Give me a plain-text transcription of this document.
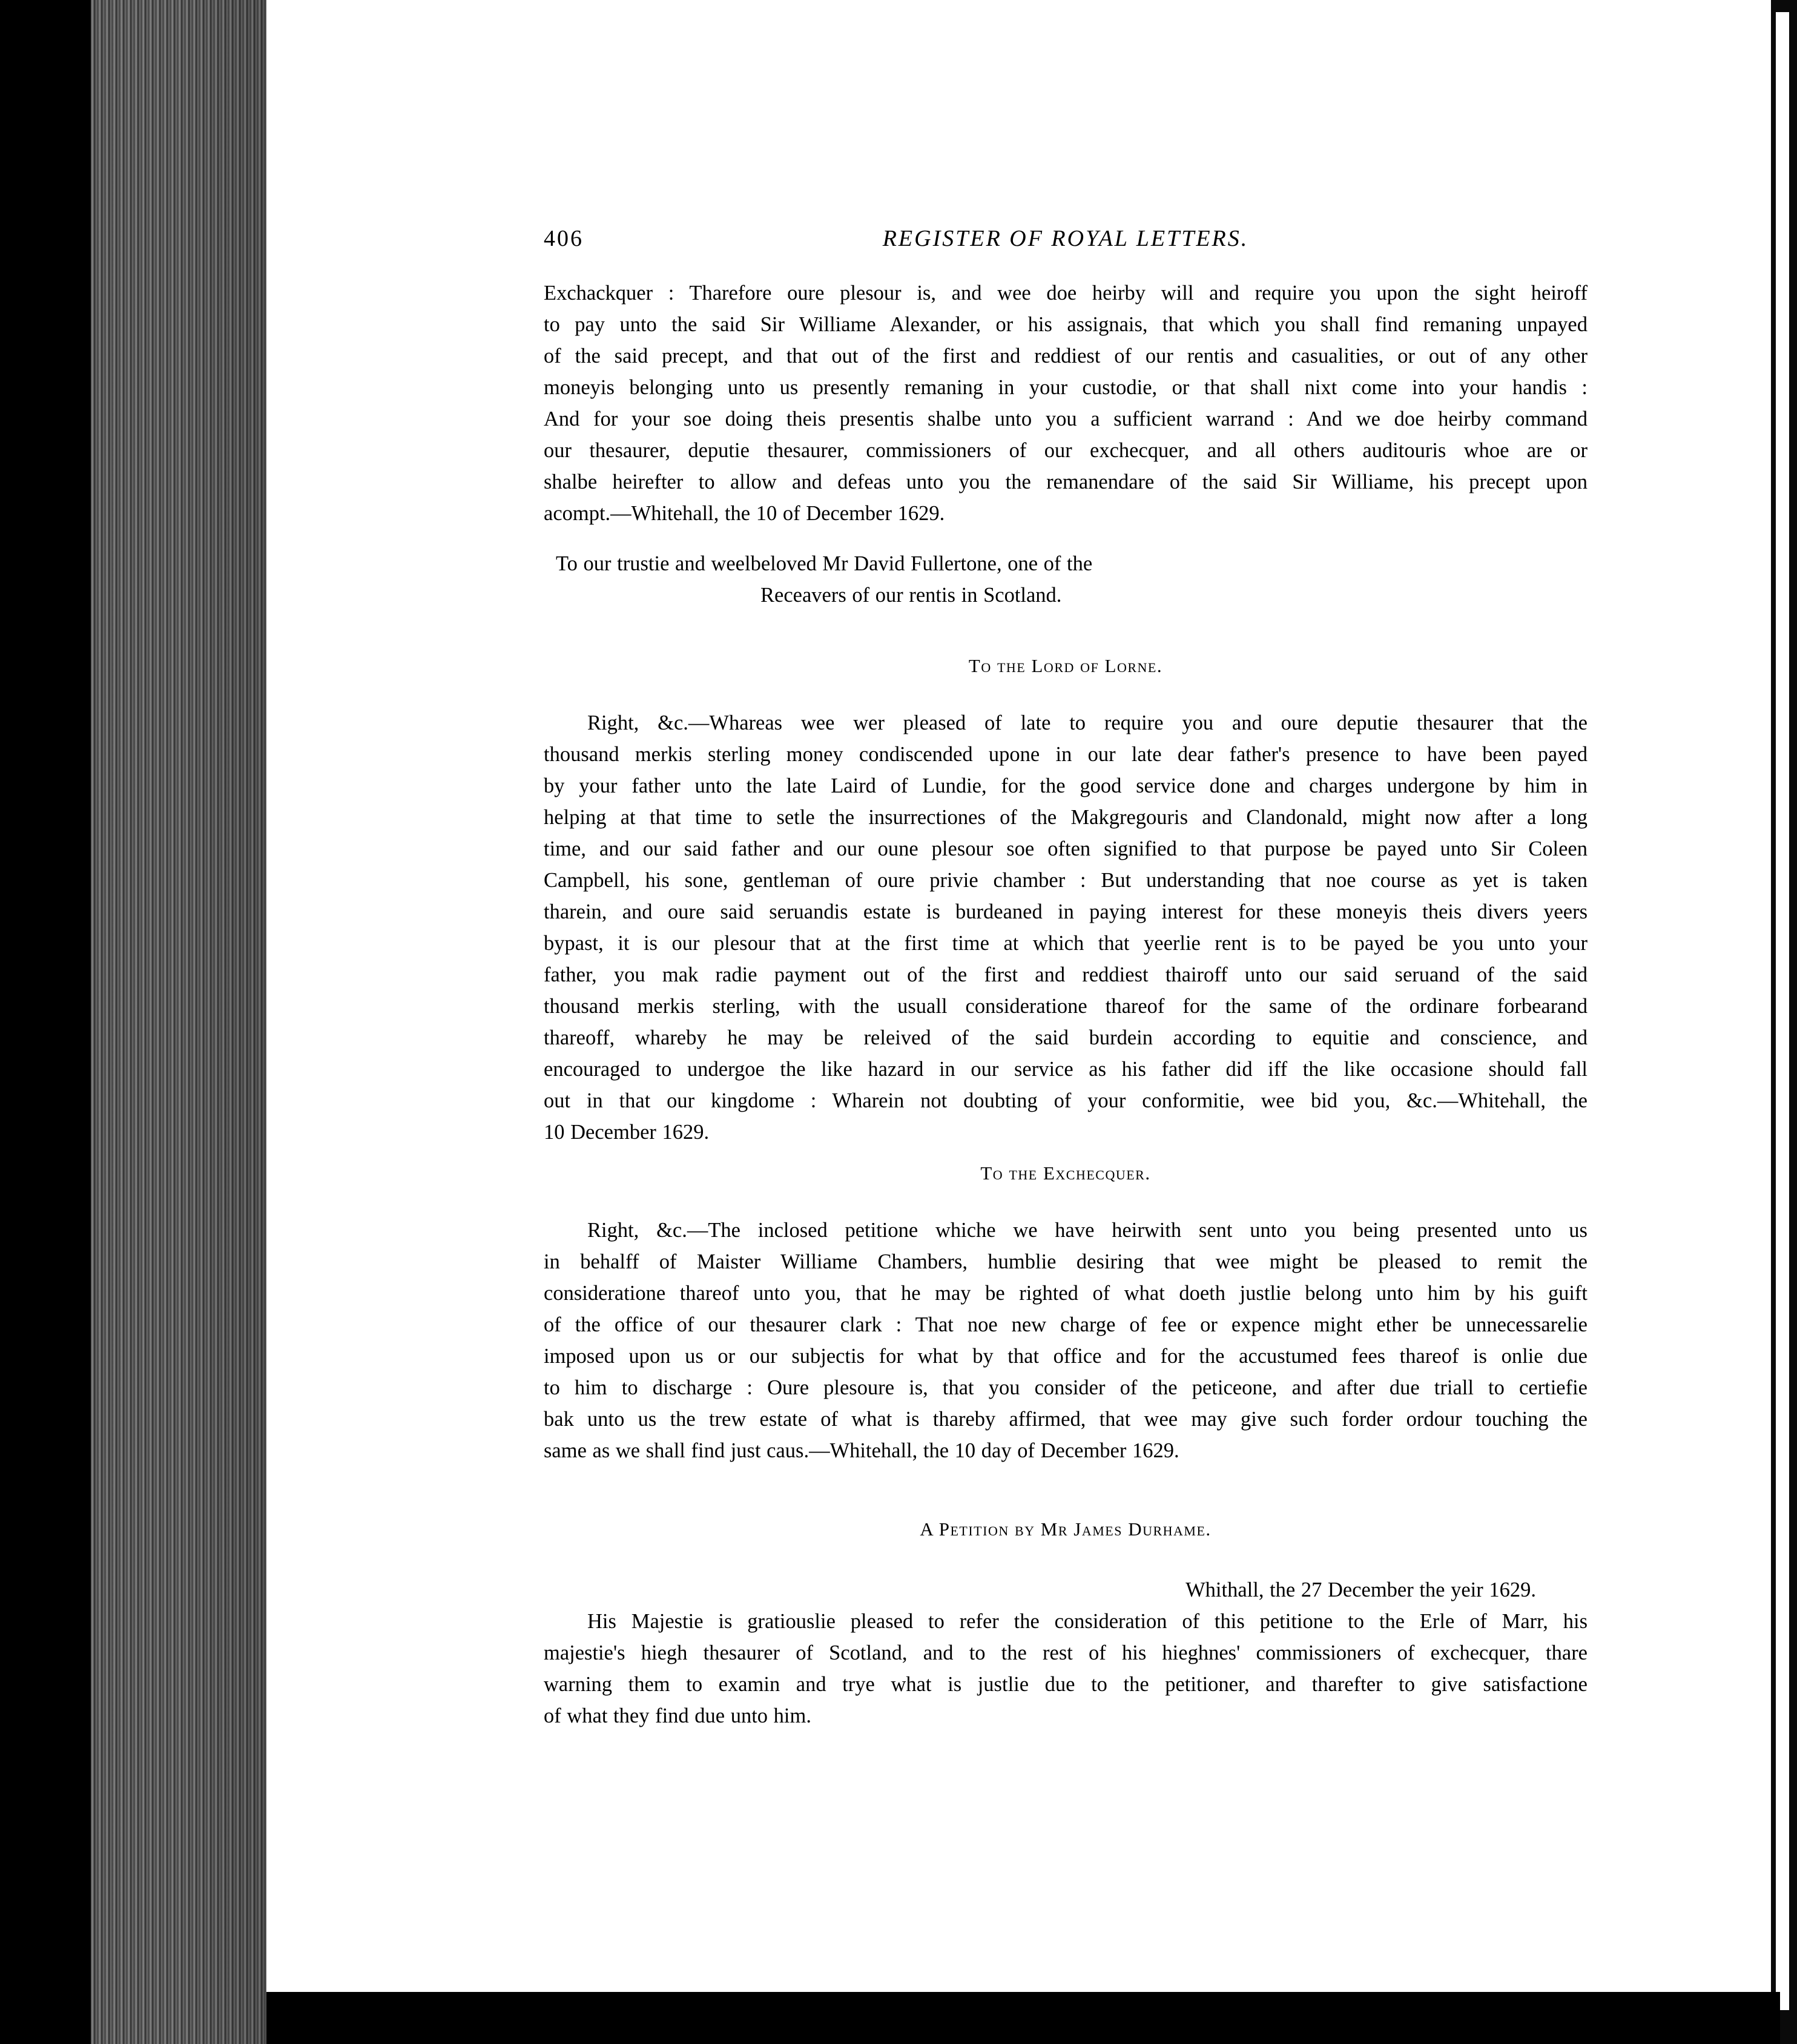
406	REGISTER OF ROYAL LETTERS.
Exchackquer : Tharefore oure plesour is, and wee doe heirby will and require you upon the sight heiroff
to pay unto the said Sir Williame Alexander, or his assignais, that which you shall find remaning unpayed
of the said precept, and that out of the first and reddiest of our rentis and casualities, or out of any other
moneyis belonging unto us presently remaning in your custodie, or that shall nixt come into your handis :
And for your soe doing theis presentis shalbe unto you a sufficient warrand : And we doe heirby command
our thesaurer, deputie thesaurer, commissioners of our exchecquer, and all others auditouris whoe are or
shalbe heirefter to allow and defeas unto you the remanendare of the said Sir Williame, his precept upon
acompt.—Whitehall, the 10 of December 1629.
To our trustie and weelbeloved Mr David Fullertone, one of the
Receavers of our rentis in Scotland.
To the Lord of Lorne.
Right, &c.—Whareas wee wer pleased of late to require you and oure deputie thesaurer that the
thousand merkis sterling money condiscended upone in our late dear father's presence to have been payed
by your father unto the late Laird of Lundie, for the good service done and charges undergone by him in
helping at that time to setle the insurrectiones of the Makgregouris and Clandonald, might now after a long
time, and our said father and our oune plesour soe often signified to that purpose be payed unto Sir Coleen
Campbell, his sone, gentleman of oure privie chamber : But understanding that noe course as yet is taken
tharein, and oure said seruandis estate is burdeaned in paying interest for these moneyis theis divers yeers
bypast, it is our plesour that at the first time at which that yeerlie rent is to be payed be you unto your
father, you mak radie payment out of the first and reddiest thairoff unto our said seruand of the said
thousand merkis sterling, with the usuall consideratione thareof for the same of the ordinare forbearand
thareoff, whareby he may be releived of the said burdein according to equitie and conscience, and
encouraged to undergoe the like hazard in our service as his father did iff the like occasione should fall
out in that our kingdome : Wharein not doubting of your conformitie, wee bid you, &c.—Whitehall, the
10 December 1629.
To the Exchecquer.
Right, &c.—The inclosed petitione whiche we have heirwith sent unto you being presented unto us
in behalff of Maister Williame Chambers, humblie desiring that wee might be pleased to remit the
consideratione thareof unto you, that he may be righted of what doeth justlie belong unto him by his guift
of the office of our thesaurer clark : That noe new charge of fee or expence might ether be unnecessarelie
imposed upon us or our subjectis for what by that office and for the accustumed fees thareof is onlie due
to him to discharge : Oure plesoure is, that you consider of the peticeone, and after due triall to certiefie
bak unto us the trew estate of what is thareby affirmed, that wee may give such forder ordour touching the
same as we shall find just caus.—Whitehall, the 10 day of December 1629.
A Petition by Mr James Durhame.
Whithall, the 27 December the yeir 1629.
His Majestie is gratiouslie pleased to refer the consideration of this petitione to the Erle of Marr, his
majestie's hiegh thesaurer of Scotland, and to the rest of his hieghnes' commissioners of exchecquer, thare
warning them to examin and trye what is justlie due to the petitioner, and tharefter to give satisfactione
of what they find due unto him.
